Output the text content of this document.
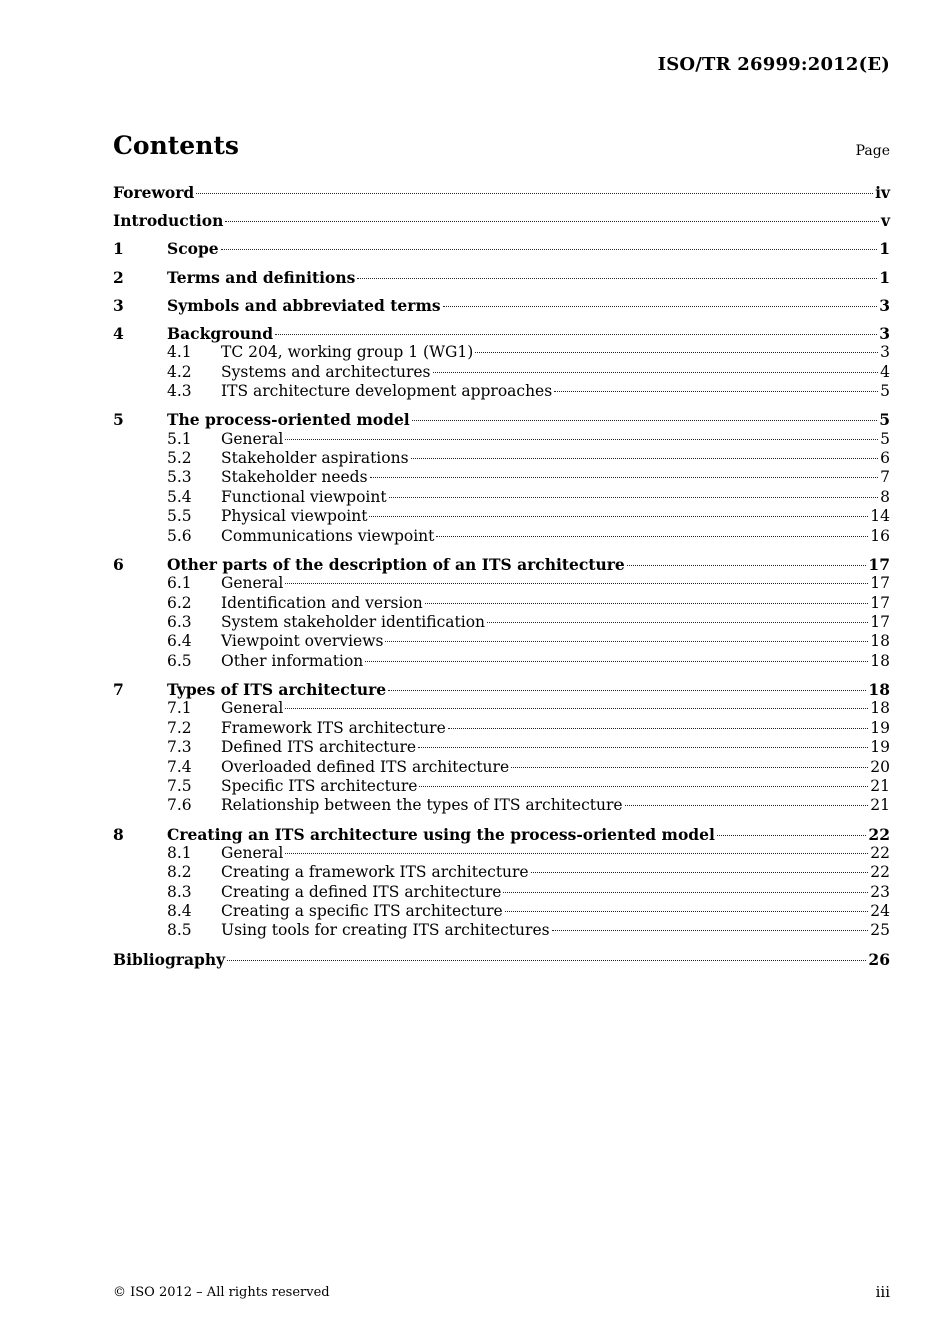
ISO/TR 26999:2012(E)
Contents	Page
Foreword	iv
Introduction	v
1	Scope	1
2	Terms and definitions	1
3	Symbols and abbreviated terms	3
4	Background	3
4.1	TC 204, working group 1 (WG1)	3
4.2	Systems and architectures	4
4.3	ITS architecture development approaches	5
5	The process-oriented model	5
5.1	General	5
5.2	Stakeholder aspirations	6
5.3	Stakeholder needs	7
5.4	Functional viewpoint	8
5.5	Physical viewpoint	14
5.6	Communications viewpoint	16
6	Other parts of the description of an ITS architecture	17
6.1	General	17
6.2	Identification and version	17
6.3	System stakeholder identification	17
6.4	Viewpoint overviews	18
6.5	Other information	18
7	Types of ITS architecture	18
7.1	General	18
7.2	Framework ITS architecture	19
7.3	Defined ITS architecture	19
7.4	Overloaded defined ITS architecture	20
7.5	Specific ITS architecture	21
7.6	Relationship between the types of ITS architecture	21
8	Creating an ITS architecture using the process-oriented model	22
8.1	General	22
8.2	Creating a framework ITS architecture	22
8.3	Creating a defined ITS architecture	23
8.4	Creating a specific ITS architecture	24
8.5	Using tools for creating ITS architectures	25
Bibliography	26
© ISO 2012 – All rights reserved	iii
